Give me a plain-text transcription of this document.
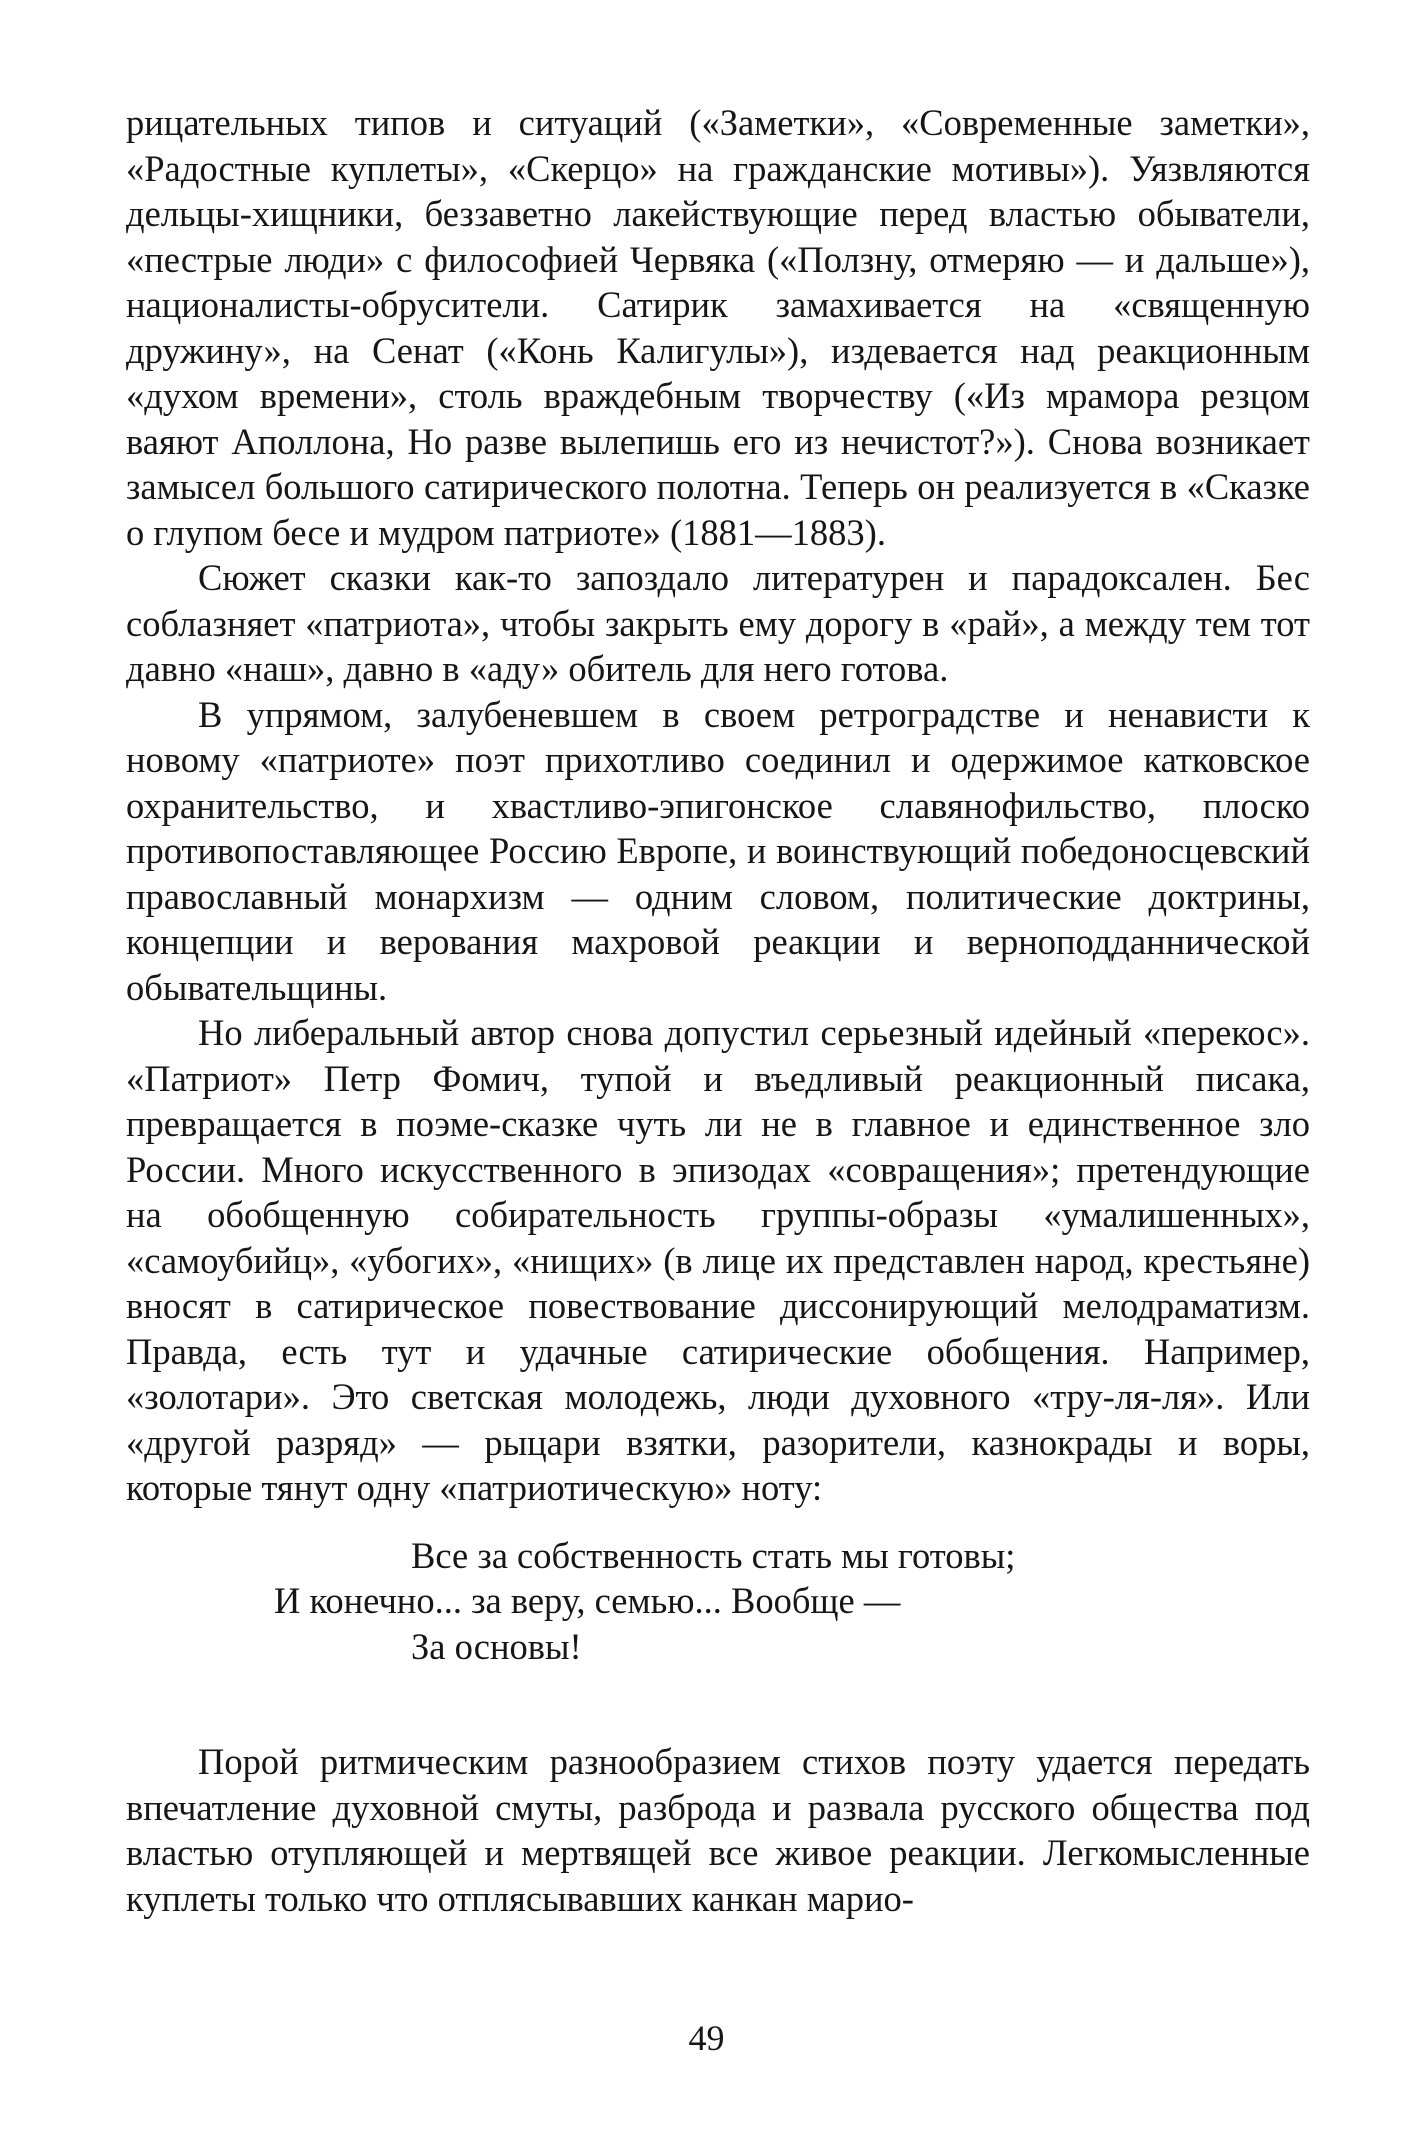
рицательных типов и ситуаций («Заметки», «Современные заметки», «Радостные куплеты», «Скерцо» на гражданские мотивы»). Уязвляются дельцы-хищники, беззаветно лакействующие перед властью обыватели, «пестрые люди» с философией Червяка («Ползну, отмеряю — и дальше»), националисты-обрусители. Сатирик замахивается на «священную дружину», на Сенат («Конь Калигулы»), издевается над реакционным «духом времени», столь враждебным творчеству («Из мрамора резцом ваяют Аполлона, Но разве вылепишь его из нечистот?»). Снова возникает замысел большого сатирического полотна. Теперь он реализуется в «Сказке о глупом бесе и мудром патриоте» (1881—1883).

Сюжет сказки как-то запоздало литературен и парадоксален. Бес соблазняет «патриота», чтобы закрыть ему дорогу в «рай», а между тем тот давно «наш», давно в «аду» обитель для него готова.

В упрямом, залубеневшем в своем ретроградстве и ненависти к новому «патриоте» поэт прихотливо соединил и одержимое катковское охранительство, и хвастливо-эпигонское славянофильство, плоско противопоставляющее Россию Европе, и воинствующий победоносцевский православный монархизм — одним словом, политические доктрины, концепции и верования махровой реакции и верноподданнической обывательщины.

Но либеральный автор снова допустил серьезный идейный «перекос». «Патриот» Петр Фомич, тупой и въедливый реакционный писака, превращается в поэме-сказке чуть ли не в главное и единственное зло России. Много искусственного в эпизодах «совращения»; претендующие на обобщенную собирательность группы-образы «умалишенных», «самоубийц», «убогих», «нищих» (в лице их представлен народ, крестьяне) вносят в сатирическое повествование диссонирующий мелодраматизм. Правда, есть тут и удачные сатирические обобщения. Например, «золотари». Это светская молодежь, люди духовного «тру-ля-ля». Или «другой разряд» — рыцари взятки, разорители, казнокрады и воры, которые тянут одну «патриотическую» ноту:

Все за собственность стать мы готовы;
И конечно... за веру, семью... Вообще —
За основы!

Порой ритмическим разнообразием стихов поэту удается передать впечатление духовной смуты, разброда и развала русского общества под властью отупляющей и мертвящей все живое реакции. Легкомысленные куплеты только что отплясывавших канкан марио-

49
